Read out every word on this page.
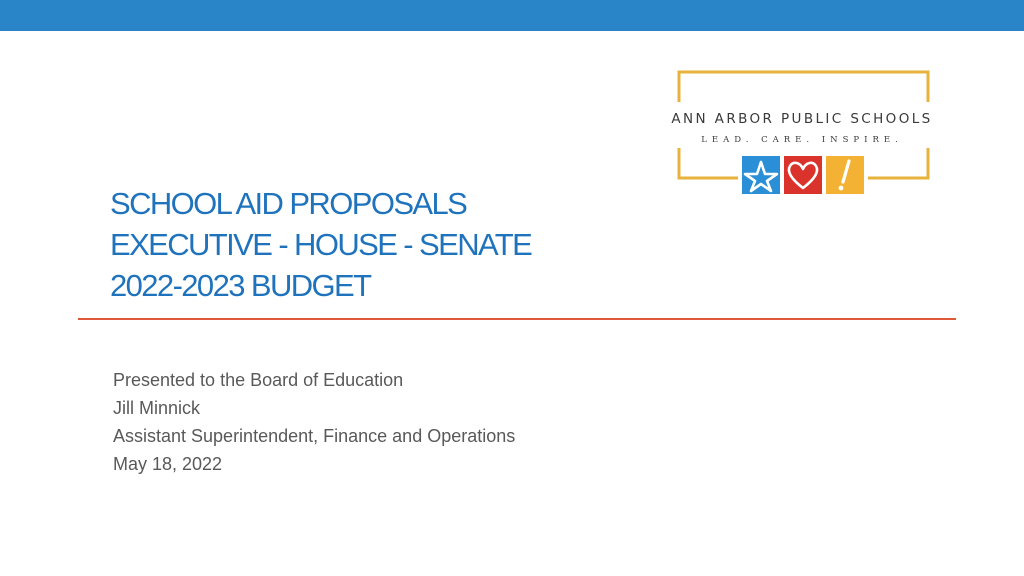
ANN ARBOR PUBLIC SCHOOLS
LEAD. CARE. INSPIRE.
SCHOOL AID PROPOSALS
EXECUTIVE - HOUSE - SENATE
2022-2023 BUDGET
Presented to the Board of Education
Jill Minnick
Assistant Superintendent, Finance and Operations
May 18, 2022
